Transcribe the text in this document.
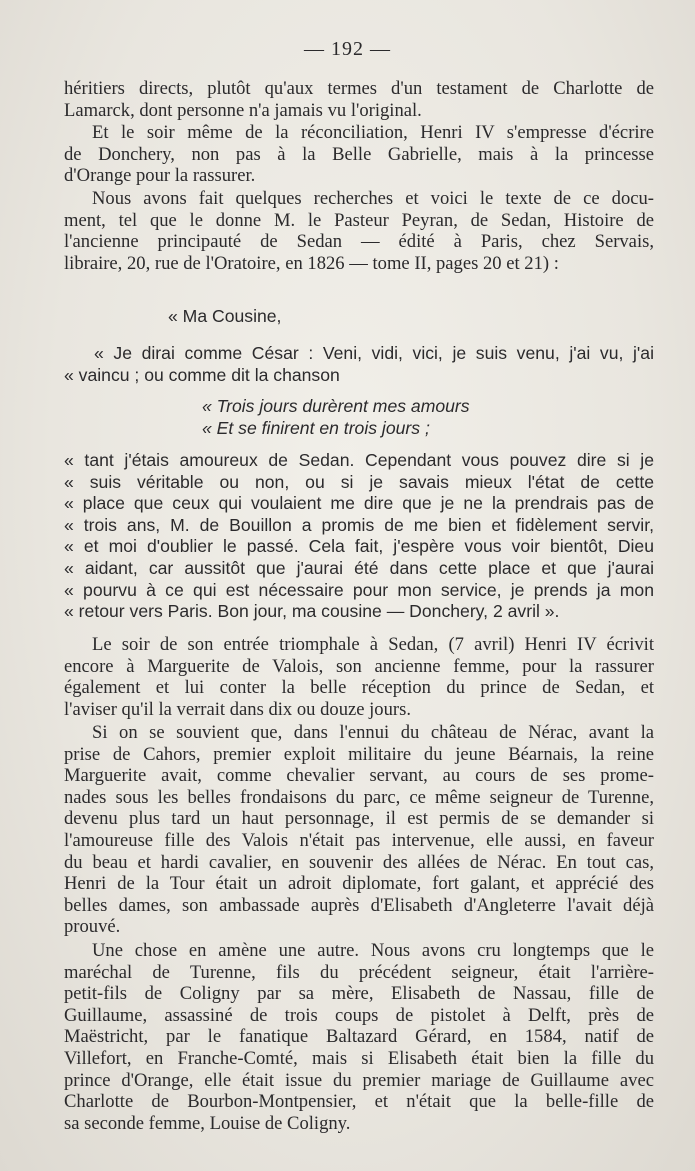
— 192 —
héritiers directs, plutôt qu'aux termes d'un testament de Charlotte de
Lamarck, dont personne n'a jamais vu l'original.
Et le soir même de la réconciliation, Henri IV s'empresse d'écrire
de Donchery, non pas à la Belle Gabrielle, mais à la princesse
d'Orange pour la rassurer.
Nous avons fait quelques recherches et voici le texte de ce docu-
ment, tel que le donne M. le Pasteur Peyran, de Sedan, Histoire de
l'ancienne principauté de Sedan — édité à Paris, chez Servais,
libraire, 20, rue de l'Oratoire, en 1826 — tome II, pages 20 et 21) :
« Ma Cousine,
« Je dirai comme César : Veni, vidi, vici, je suis venu, j'ai vu, j'ai
« vaincu ; ou comme dit la chanson
« Trois jours durèrent mes amours
« Et se finirent en trois jours ;
« tant j'étais amoureux de Sedan. Cependant vous pouvez dire si je
« suis véritable ou non, ou si je savais mieux l'état de cette
« place que ceux qui voulaient me dire que je ne la prendrais pas de
« trois ans, M. de Bouillon a promis de me bien et fidèlement servir,
« et moi d'oublier le passé. Cela fait, j'espère vous voir bientôt, Dieu
« aidant, car aussitôt que j'aurai été dans cette place et que j'aurai
« pourvu à ce qui est nécessaire pour mon service, je prends ja mon
« retour vers Paris. Bon jour, ma cousine — Donchery, 2 avril ».
Le soir de son entrée triomphale à Sedan, (7 avril) Henri IV écrivit
encore à Marguerite de Valois, son ancienne femme, pour la rassurer
également et lui conter la belle réception du prince de Sedan, et
l'aviser qu'il la verrait dans dix ou douze jours.
Si on se souvient que, dans l'ennui du château de Nérac, avant la
prise de Cahors, premier exploit militaire du jeune Béarnais, la reine
Marguerite avait, comme chevalier servant, au cours de ses prome-
nades sous les belles frondaisons du parc, ce même seigneur de Turenne,
devenu plus tard un haut personnage, il est permis de se demander si
l'amoureuse fille des Valois n'était pas intervenue, elle aussi, en faveur
du beau et hardi cavalier, en souvenir des allées de Nérac. En tout cas,
Henri de la Tour était un adroit diplomate, fort galant, et apprécié des
belles dames, son ambassade auprès d'Elisabeth d'Angleterre l'avait déjà
prouvé.
Une chose en amène une autre. Nous avons cru longtemps que le
maréchal de Turenne, fils du précédent seigneur, était l'arrière-
petit-fils de Coligny par sa mère, Elisabeth de Nassau, fille de
Guillaume, assassiné de trois coups de pistolet à Delft, près de
Maëstricht, par le fanatique Baltazard Gérard, en 1584, natif de
Villefort, en Franche-Comté, mais si Elisabeth était bien la fille du
prince d'Orange, elle était issue du premier mariage de Guillaume avec
Charlotte de Bourbon-Montpensier, et n'était que la belle-fille de
sa seconde femme, Louise de Coligny.
